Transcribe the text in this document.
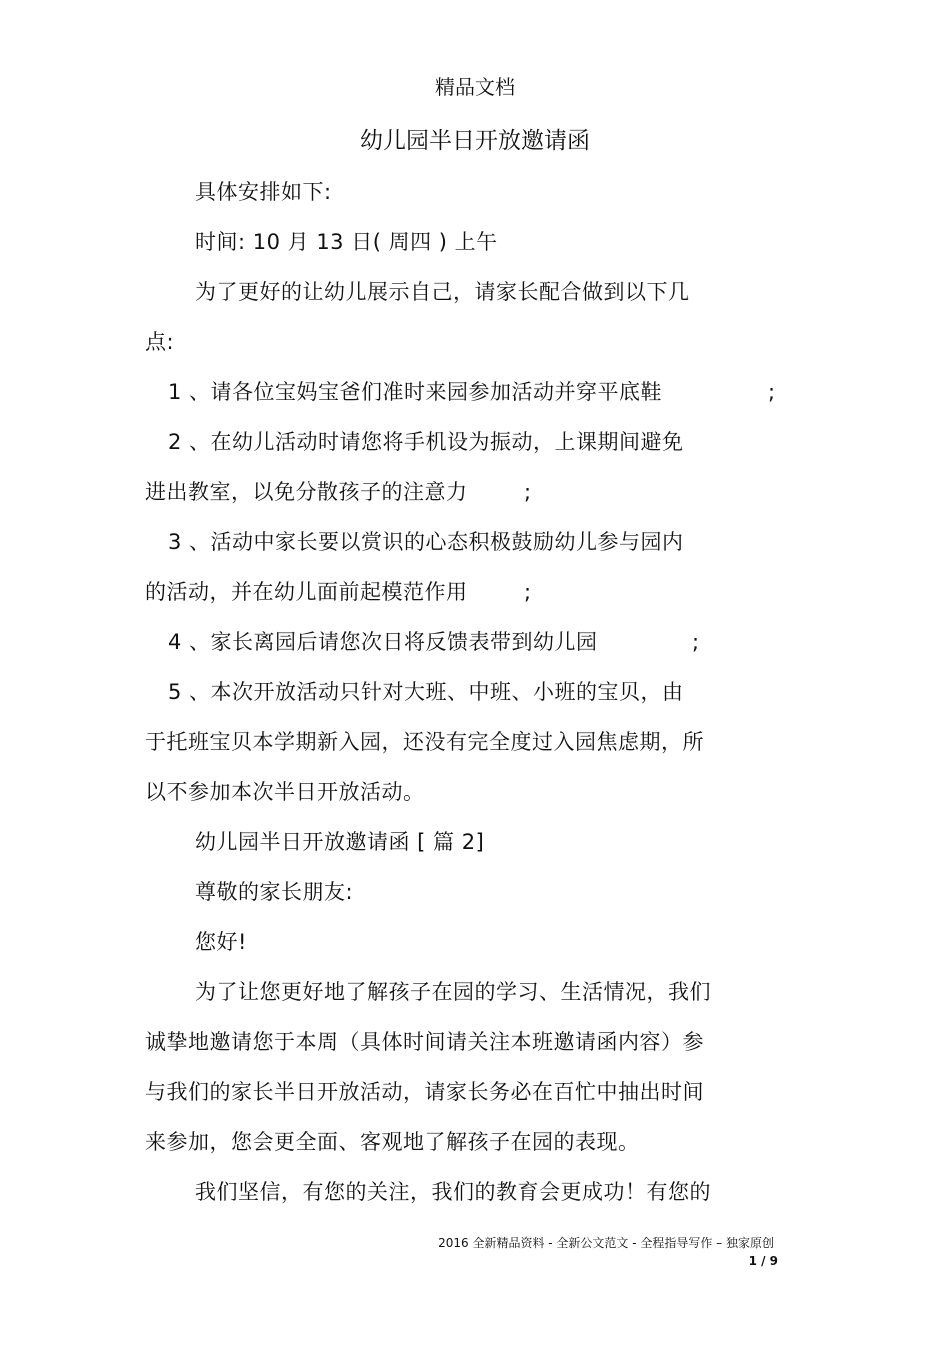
精品文档
幼儿园半日开放邀请函
具体安排如下:
时间: 10 月 13 日( 周四 ) 上午
为了更好的让幼儿展示自己，请家长配合做到以下几
点:
1 、请各位宝妈宝爸们准时来园参加活动并穿平底鞋	;
2 、在幼儿活动时请您将手机设为振动，上课期间避免
进出教室，以免分散孩子的注意力	;
3 、活动中家长要以赏识的心态积极鼓励幼儿参与园内
的活动，并在幼儿面前起模范作用	;
4 、家长离园后请您次日将反馈表带到幼儿园	;
5 、本次开放活动只针对大班、中班、小班的宝贝，由
于托班宝贝本学期新入园，还没有完全度过入园焦虑期，所
以不参加本次半日开放活动。
幼儿园半日开放邀请函 [ 篇 2]
尊敬的家长朋友:
您好!
为了让您更好地了解孩子在园的学习、生活情况，我们
诚挚地邀请您于本周（具体时间请关注本班邀请函内容）参
与我们的家长半日开放活动，请家长务必在百忙中抽出时间
来参加，您会更全面、客观地了解孩子在园的表现。
我们坚信，有您的关注，我们的教育会更成功！有您的
2016 全新精品资料 - 全新公文范文 - 全程指导写作 – 独家原创
1 / 9
